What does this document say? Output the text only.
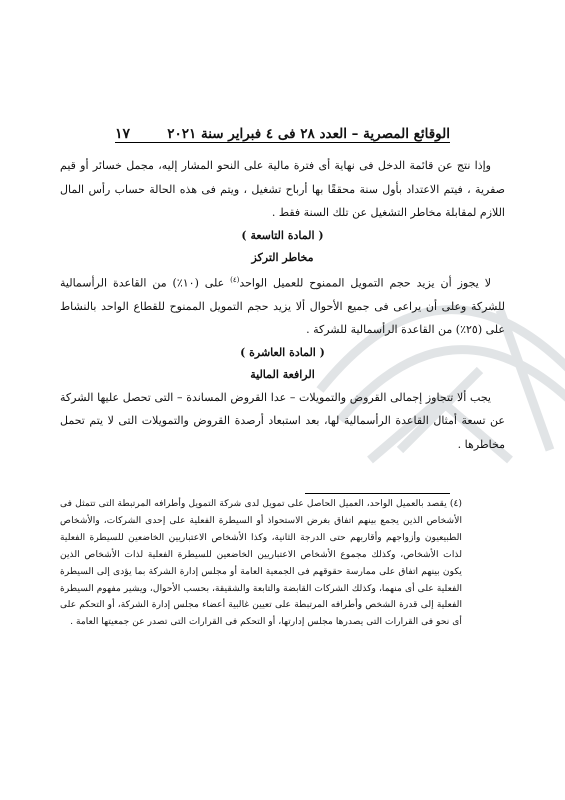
الوقائع المصرية – العدد ٢٨ فى ٤ فبراير سنة ٢٠٢١
١٧

وإذا نتج عن قائمة الدخل فى نهاية أى فترة مالية على النحو المشار إليه، مجمل خسائر أو قيم صفرية ، فيتم الاعتداد بأول سنة محققًا بها أرباح تشغيل ، ويتم فى هذه الحالة حساب رأس المال اللازم لمقابلة مخاطر التشغيل عن تلك السنة فقط .

( المادة التاسعة )
مخاطر التركز

لا يجوز أن يزيد حجم التمويل الممنوح للعميل الواحد$^{(٤)}$ على (١٠٪) من القاعدة الرأسمالية للشركة وعلى أن يراعى فى جميع الأحوال ألا يزيد حجم التمويل الممنوح للقطاع الواحد بالنشاط على (٢٥٪) من القاعدة الرأسمالية للشركة .

( المادة العاشرة )
الرافعة المالية

يجب ألا تتجاوز إجمالى القروض والتمويلات – عدا القروض المساندة – التى تحصل عليها الشركة عن تسعة أمثال القاعدة الرأسمالية لها، بعد استبعاد أرصدة القروض والتمويلات التى لا يتم تحمل مخاطرها .

(٤) يقصد بالعميل الواحد، العميل الحاصل على تمويل لدى شركة التمويل وأطرافه المرتبطة التى تتمثل فى الأشخاص الذين يجمع بينهم اتفاق بغرض الاستحواذ أو السيطرة الفعلية على إحدى الشركات، والأشخاص الطبيعيون وأزواجهم وأقاربهم حتى الدرجة الثانية، وكذا الأشخاص الاعتباريين الخاضعين للسيطرة الفعلية لذات الأشخاص، وكذلك مجموع الأشخاص الاعتباريين الخاضعين للسيطرة الفعلية لذات الأشخاص الذين يكون بينهم اتفاق على ممارسة حقوقهم فى الجمعية العامة أو مجلس إدارة الشركة بما يؤدى إلى السيطرة الفعلية على أى منهما، وكذلك الشركات القابضة والتابعة والشقيقة، بحسب الأحوال، ويشير مفهوم السيطرة الفعلية إلى قدرة الشخص وأطرافه المرتبطة على تعيين غالبية أعضاء مجلس إدارة الشركة، أو التحكم على أى نحو فى القرارات التى يصدرها مجلس إدارتها، أو التحكم فى القرارات التى تصدر عن جمعيتها العامة .
